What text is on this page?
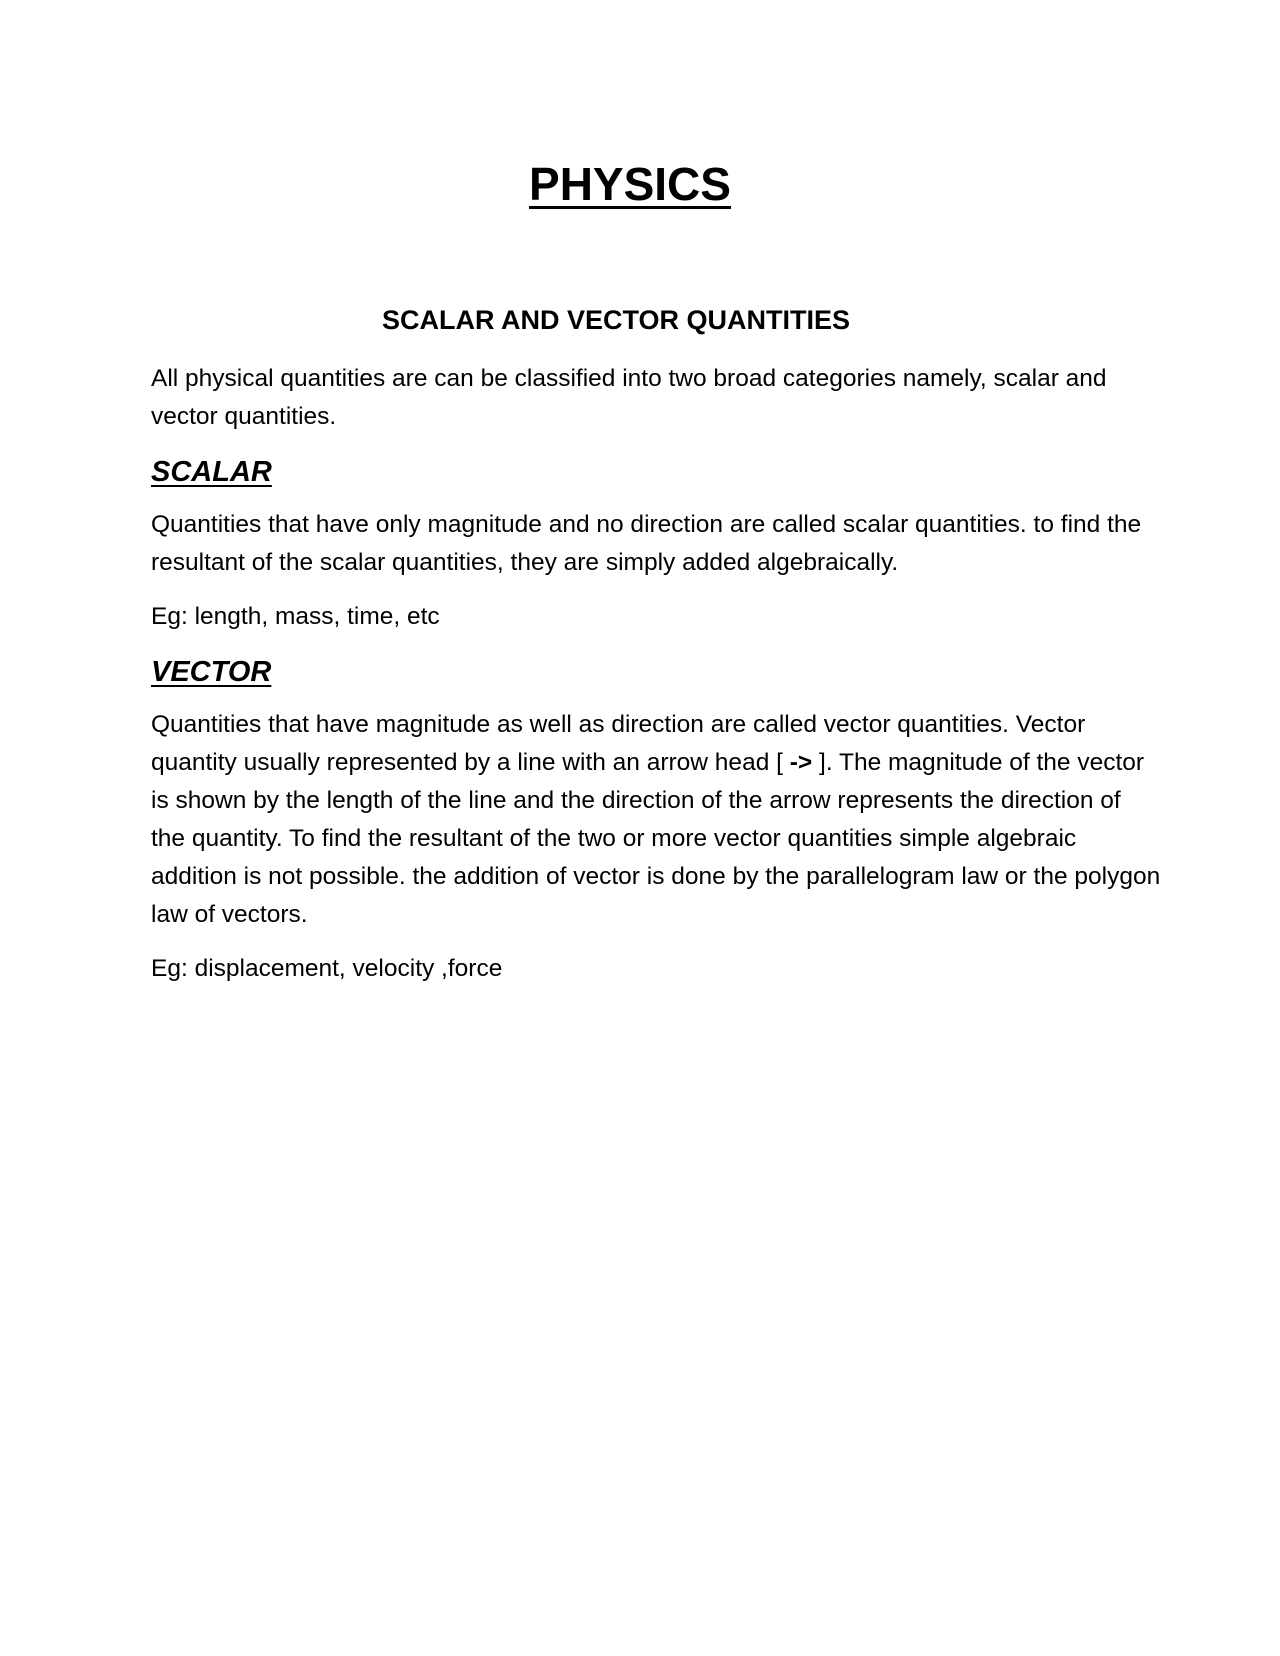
PHYSICS
SCALAR AND VECTOR QUANTITIES

All physical quantities are can be classified into two broad categories namely, scalar and vector quantities.

SCALAR

Quantities that have only magnitude and no direction are called scalar quantities. to find the resultant of the scalar quantities, they are simply added algebraically.

Eg: length, mass, time, etc

VECTOR

Quantities that have magnitude as well as direction are called vector quantities. Vector quantity usually represented by a line with an arrow head [ -> ]. The magnitude of the vector is shown by the length of the line and the direction of the arrow represents the direction of the quantity. To find the resultant of the two or more vector quantities simple algebraic addition is not possible. the addition of vector is done by the parallelogram law or the polygon law of vectors.

Eg: displacement, velocity ,force
